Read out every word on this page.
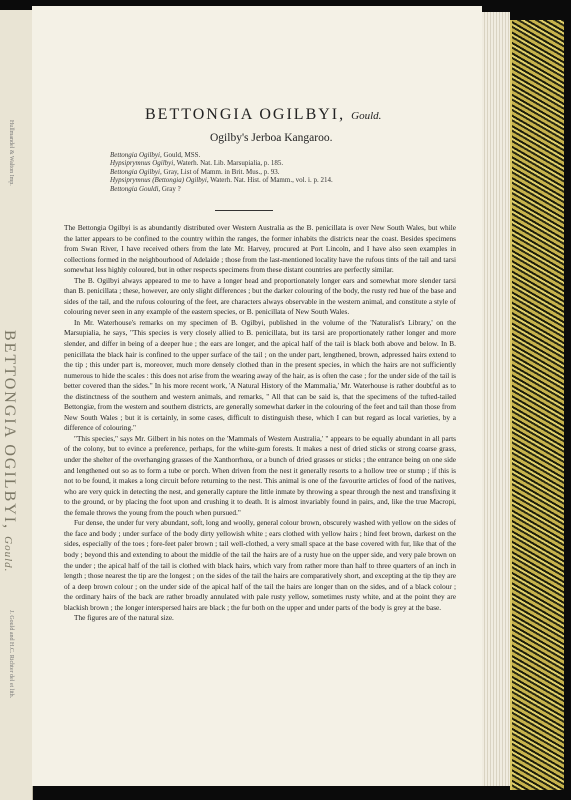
Hullmandel & Walton Imp.
J. Gould and H.C. Richter del et lith.
BETTONGIA OGILBYI, Gould.
BETTONGIA OGILBYI, Gould.
Ogilby's Jerboa Kangaroo.
Bettongia Ogilbyi, Gould, MSS.
Hypsiprymnus Ogilbyi, Waterh. Nat. Lib. Marsupialia, p. 185.
Bettongia Ogilbyi, Gray, List of Mamm. in Brit. Mus., p. 93.
Hypsiprymnus (Bettongia) Ogilbyi, Waterh. Nat. Hist. of Mamm., vol. i. p. 214.
Bettongia Gouldi, Gray ?

The Bettongia Ogilbyi is as abundantly distributed over Western Australia as the B. penicillata is over New South Wales, but while the latter appears to be confined to the country within the ranges, the former inhabits the districts near the coast. Besides specimens from Swan River, I have received others from the late Mr. Harvey, procured at Port Lincoln, and I have also seen examples in collections formed in the neighbourhood of Adelaide ; those from the last-mentioned locality have the rufous tints of the tail and tarsi somewhat less highly coloured, but in other respects specimens from these distant countries are perfectly similar.

The B. Ogilbyi always appeared to me to have a longer head and proportionately longer ears and somewhat more slender tarsi than B. penicillata ; these, however, are only slight differences ; but the darker colouring of the body, the rusty red hue of the base and sides of the tail, and the rufous colouring of the feet, are characters always observable in the western animal, and constitute a style of colouring never seen in any example of the eastern species, or B. penicillata of New South Wales.

In Mr. Waterhouse's remarks on my specimen of B. Ogilbyi, published in the volume of the 'Naturalist's Library,' on the Marsupialia, he says, "This species is very closely allied to B. penicillata, but its tarsi are proportionately rather longer and more slender, and differ in being of a deeper hue ; the ears are longer, and the apical half of the tail is black both above and below. In B. penicillata the black hair is confined to the upper surface of the tail ; on the under part, lengthened, brown, adpressed hairs extend to the tip ; this under part is, moreover, much more densely clothed than in the present species, in which the hairs are not sufficiently numerous to hide the scales : this does not arise from the wearing away of the hair, as is often the case ; for the under side of the tail is better covered than the sides." In his more recent work, 'A Natural History of the Mammalia,' Mr. Waterhouse is rather doubtful as to the distinctness of the southern and western animals, and remarks, " All that can be said is, that the specimens of the tufted-tailed Bettongiæ, from the western and southern districts, are generally somewhat darker in the colouring of the feet and tail than those from New South Wales ; but it is certainly, in some cases, difficult to distinguish these, which I can but regard as local varieties, by a difference of colouring."

"This species," says Mr. Gilbert in his notes on the 'Mammals of Western Australia,' " appears to be equally abundant in all parts of the colony, but to evince a preference, perhaps, for the white-gum forests. It makes a nest of dried sticks or strong coarse grass, under the shelter of the overhanging grasses of the Xanthorrhœa, or a bunch of dried grasses or sticks ; the entrance being on one side and lengthened out so as to form a tube or porch. When driven from the nest it generally resorts to a hollow tree or stump ; if this is not to be found, it makes a long circuit before returning to the nest. This animal is one of the favourite articles of food of the natives, who are very quick in detecting the nest, and generally capture the little inmate by throwing a spear through the nest and transfixing it to the ground, or by placing the foot upon and crushing it to death. It is almost invariably found in pairs, and, like the true Macropi, the female throws the young from the pouch when pursued."

Fur dense, the under fur very abundant, soft, long and woolly, general colour brown, obscurely washed with yellow on the sides of the face and body ; under surface of the body dirty yellowish white ; ears clothed with yellow hairs ; hind feet brown, darkest on the sides, especially of the toes ; fore-feet paler brown ; tail well-clothed, a very small space at the base covered with fur, like that of the body ; beyond this and extending to about the middle of the tail the hairs are of a rusty hue on the upper side, and very pale brown on the under ; the apical half of the tail is clothed with black hairs, which vary from rather more than half to three quarters of an inch in length ; those nearest the tip are the longest ; on the sides of the tail the hairs are comparatively short, and excepting at the tip they are of a deep brown colour ; on the under side of the apical half of the tail the hairs are longer than on the sides, and of a black colour ; the ordinary hairs of the back are rather broadly annulated with pale rusty yellow, sometimes rusty white, and at the point they are blackish brown ; the longer interspersed hairs are black ; the fur both on the upper and under parts of the body is grey at the base.

The figures are of the natural size.
